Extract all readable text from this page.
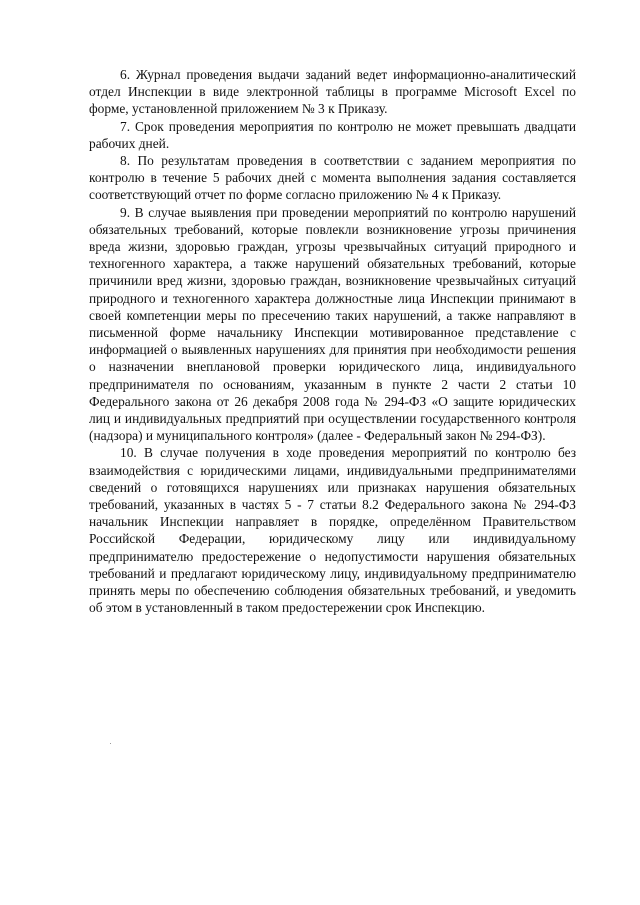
6. Журнал проведения выдачи заданий ведет информационно-аналитический отдел Инспекции в виде электронной таблицы в программе Microsoft Excel по форме, установленной приложением № 3 к Приказу.

7. Срок проведения мероприятия по контролю не может превышать двадцати рабочих дней.

8. По результатам проведения в соответствии с заданием мероприятия по контролю в течение 5 рабочих дней с момента выполнения задания составляется соответствующий отчет по форме согласно приложению № 4 к Приказу.

9. В случае выявления при проведении мероприятий по контролю нарушений обязательных требований, которые повлекли возникновение угрозы причинения вреда жизни, здоровью граждан, угрозы чрезвычайных ситуаций природного и техногенного характера, а также нарушений обязательных требований, которые причинили вред жизни, здоровью граждан, возникновение чрезвычайных ситуаций природного и техногенного характера должностные лица Инспекции принимают в своей компетенции меры по пресечению таких нарушений, а также направляют в письменной форме начальнику Инспекции мотивированное представление с информацией о выявленных нарушениях для принятия при необходимости решения о назначении внеплановой проверки юридического лица, индивидуального предпринимателя по основаниям, указанным в пункте 2 части 2 статьи 10 Федерального закона от 26 декабря 2008 года № 294-ФЗ «О защите юридических лиц и индивидуальных предприятий при осуществлении государственного контроля (надзора) и муниципального контроля» (далее - Федеральный закон № 294-ФЗ).

10. В случае получения в ходе проведения мероприятий по контролю без взаимодействия с юридическими лицами, индивидуальными предпринимателями сведений о готовящихся нарушениях или признаках нарушения обязательных требований, указанных в частях 5 - 7 статьи 8.2 Федерального закона № 294-ФЗ начальник Инспекции направляет в порядке, определённом Правительством Российской Федерации, юридическому лицу или индивидуальному предпринимателю предостережение о недопустимости нарушения обязательных требований и предлагают юридическому лицу, индивидуальному предпринимателю принять меры по обеспечению соблюдения обязательных требований, и уведомить об этом в установленный в таком предостережении срок Инспекцию.
